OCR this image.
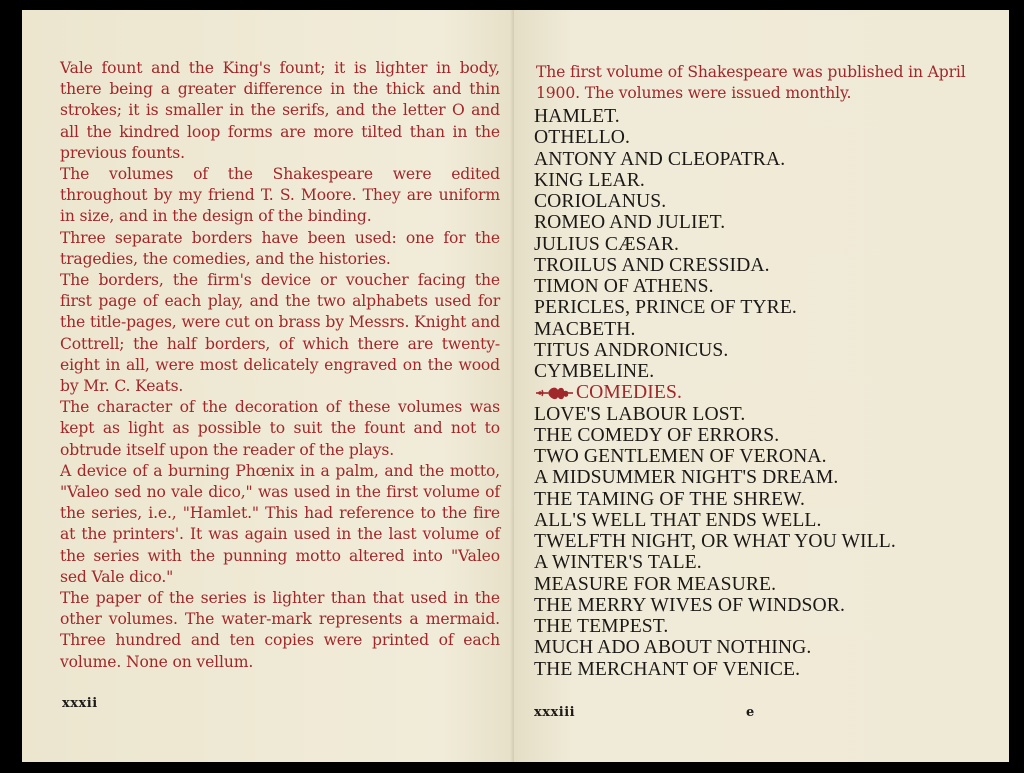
Vale fount and the King's fount; it is lighter in body, there being a greater difference in the thick and thin strokes; it is smaller in the serifs, and the letter O and all the kindred loop forms are more tilted than in the previous founts.

The volumes of the Shakespeare were edited throughout by my friend T. S. Moore. They are uniform in size, and in the design of the binding.

Three separate borders have been used: one for the tragedies, the comedies, and the histories.

The borders, the firm's device or voucher facing the first page of each play, and the two alphabets used for the title-pages, were cut on brass by Messrs. Knight and Cottrell; the half borders, of which there are twenty-eight in all, were most delicately engraved on the wood by Mr. C. Keats.

The character of the decoration of these volumes was kept as light as possible to suit the fount and not to obtrude itself upon the reader of the plays.

A device of a burning Phœnix in a palm, and the motto, "Valeo sed no vale dico," was used in the first volume of the series, i.e., "Hamlet." This had reference to the fire at the printers'. It was again used in the last volume of the series with the punning motto altered into "Valeo sed Vale dico."

The paper of the series is lighter than that used in the other volumes. The water-mark represents a mermaid. Three hundred and ten copies were printed of each volume. None on vellum.

xxxii

The first volume of Shakespeare was published in April 1900. The volumes were issued monthly.

HAMLET.
OTHELLO.
ANTONY AND CLEOPATRA.
KING LEAR.
CORIOLANUS.
ROMEO AND JULIET.
JULIUS CÆSAR.
TROILUS AND CRESSIDA.
TIMON OF ATHENS.
PERICLES, PRINCE OF TYRE.
MACBETH.
TITUS ANDRONICUS.
CYMBELINE.
COMEDIES.
LOVE'S LABOUR LOST.
THE COMEDY OF ERRORS.
TWO GENTLEMEN OF VERONA.
A MIDSUMMER NIGHT'S DREAM.
THE TAMING OF THE SHREW.
ALL'S WELL THAT ENDS WELL.
TWELFTH NIGHT, OR WHAT YOU WILL.
A WINTER'S TALE.
MEASURE FOR MEASURE.
THE MERRY WIVES OF WINDSOR.
THE TEMPEST.
MUCH ADO ABOUT NOTHING.
THE MERCHANT OF VENICE.
xxxiii	e
